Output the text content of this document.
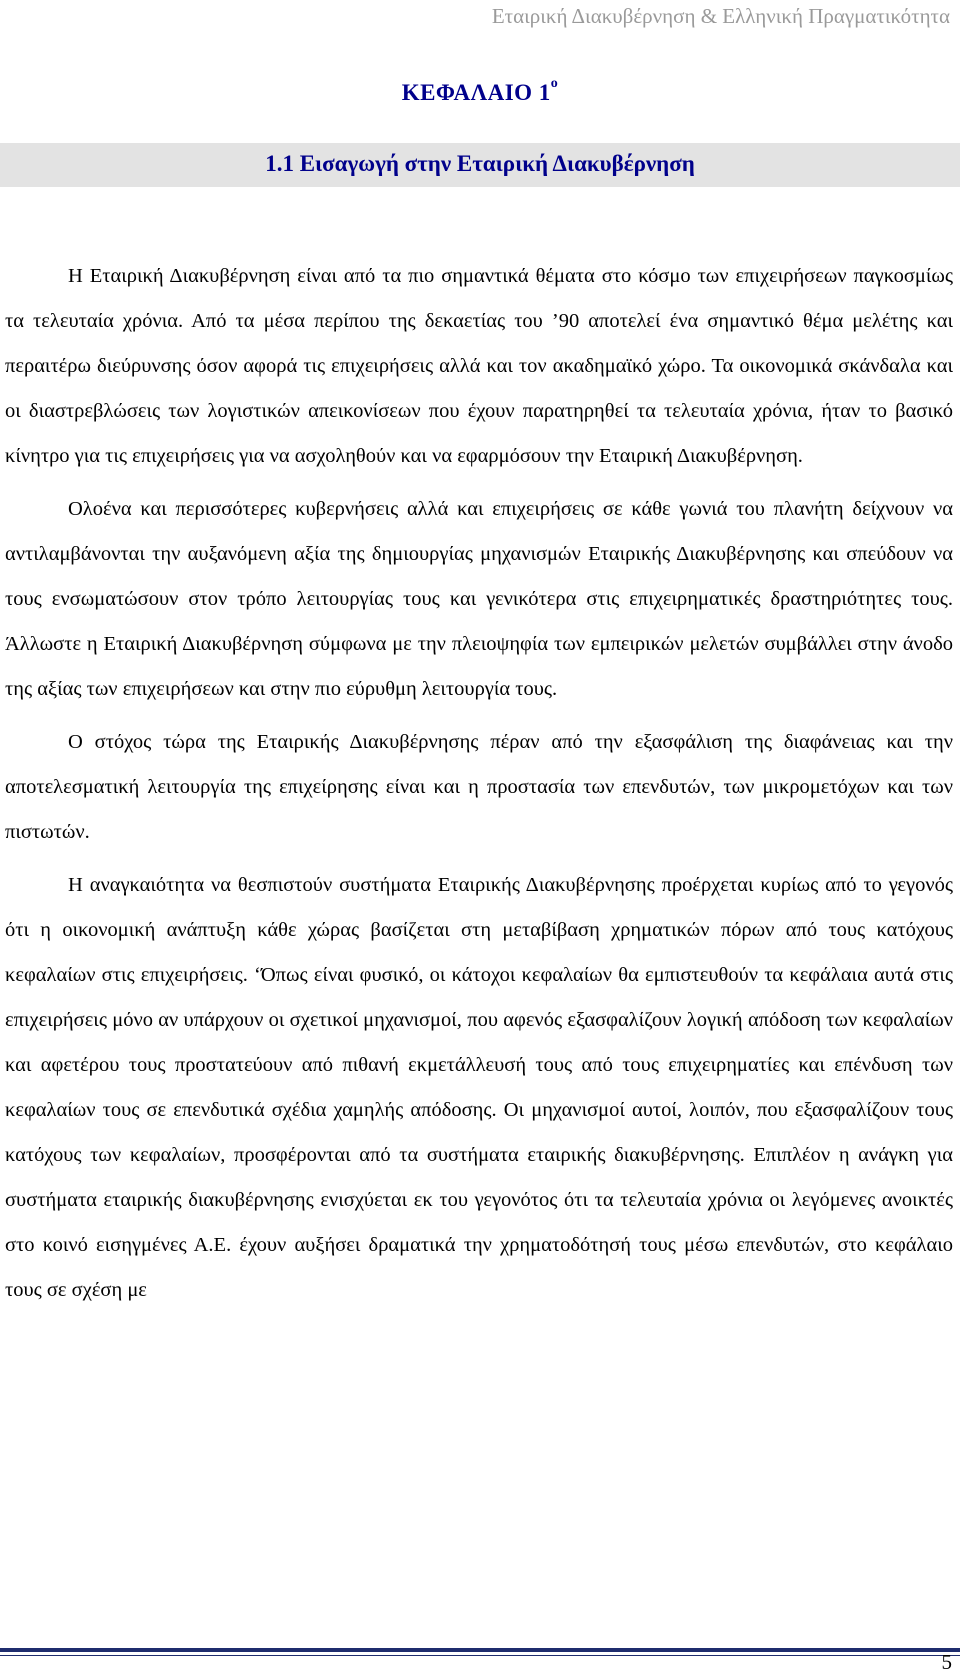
Εταιρική Διακυβέρνηση & Ελληνική Πραγματικότητα
ΚΕΦΑΛΑΙΟ $1^o$
1.1 Εισαγωγή στην Εταιρική Διακυβέρνηση

Η Εταιρική Διακυβέρνηση είναι από τα πιο σημαντικά θέματα στο κόσμο των επιχειρήσεων παγκοσμίως τα τελευταία χρόνια. Από τα μέσα περίπου της δεκαετίας του ’90 αποτελεί ένα σημαντικό θέμα μελέτης και περαιτέρω διεύρυνσης όσον αφορά τις επιχειρήσεις αλλά και τον ακαδημαϊκό χώρο. Τα οικονομικά σκάνδαλα και οι διαστρεβλώσεις των λογιστικών απεικονίσεων που έχουν παρατηρηθεί τα τελευταία χρόνια, ήταν το βασικό κίνητρο για τις επιχειρήσεις για να ασχοληθούν και να εφαρμόσουν την Εταιρική Διακυβέρνηση.

Ολοένα και περισσότερες κυβερνήσεις αλλά και επιχειρήσεις σε κάθε γωνιά του πλανήτη δείχνουν να αντιλαμβάνονται την αυξανόμενη αξία της δημιουργίας μηχανισμών Εταιρικής Διακυβέρνησης και σπεύδουν να τους ενσωματώσουν στον τρόπο λειτουργίας τους και γενικότερα στις επιχειρηματικές δραστηριότητες τους. Άλλωστε η Εταιρική Διακυβέρνηση σύμφωνα με την πλειοψηφία των εμπειρικών μελετών συμβάλλει στην άνοδο της αξίας των επιχειρήσεων και στην πιο εύρυθμη λειτουργία τους.

Ο στόχος τώρα της Εταιρικής Διακυβέρνησης πέραν από την εξασφάλιση της διαφάνειας και την αποτελεσματική λειτουργία της επιχείρησης είναι και η προστασία των επενδυτών, των μικρομετόχων και των πιστωτών.

Η αναγκαιότητα να θεσπιστούν συστήματα Εταιρικής Διακυβέρνησης προέρχεται κυρίως από το γεγονός ότι η οικονομική ανάπτυξη κάθε χώρας βασίζεται στη μεταβίβαση χρηματικών πόρων από τους κατόχους κεφαλαίων στις επιχειρήσεις. ‘Όπως είναι φυσικό, οι κάτοχοι κεφαλαίων θα εμπιστευθούν τα κεφάλαια αυτά στις επιχειρήσεις μόνο αν υπάρχουν οι σχετικοί μηχανισμοί, που αφενός εξασφαλίζουν λογική απόδοση των κεφαλαίων και αφετέρου τους προστατεύουν από πιθανή εκμετάλλευσή τους από τους επιχειρηματίες και επένδυση των κεφαλαίων τους σε επενδυτικά σχέδια χαμηλής απόδοσης. Οι μηχανισμοί αυτοί, λοιπόν, που εξασφαλίζουν τους κατόχους των κεφαλαίων, προσφέρονται από τα συστήματα εταιρικής διακυβέρνησης. Επιπλέον η ανάγκη για συστήματα εταιρικής διακυβέρνησης ενισχύεται εκ του γεγονότος ότι τα τελευταία χρόνια οι λεγόμενες ανοικτές στο κοινό εισηγμένες Α.Ε. έχουν αυξήσει δραματικά την χρηματοδότησή τους μέσω επενδυτών, στο κεφάλαιο τους σε σχέση με

5
